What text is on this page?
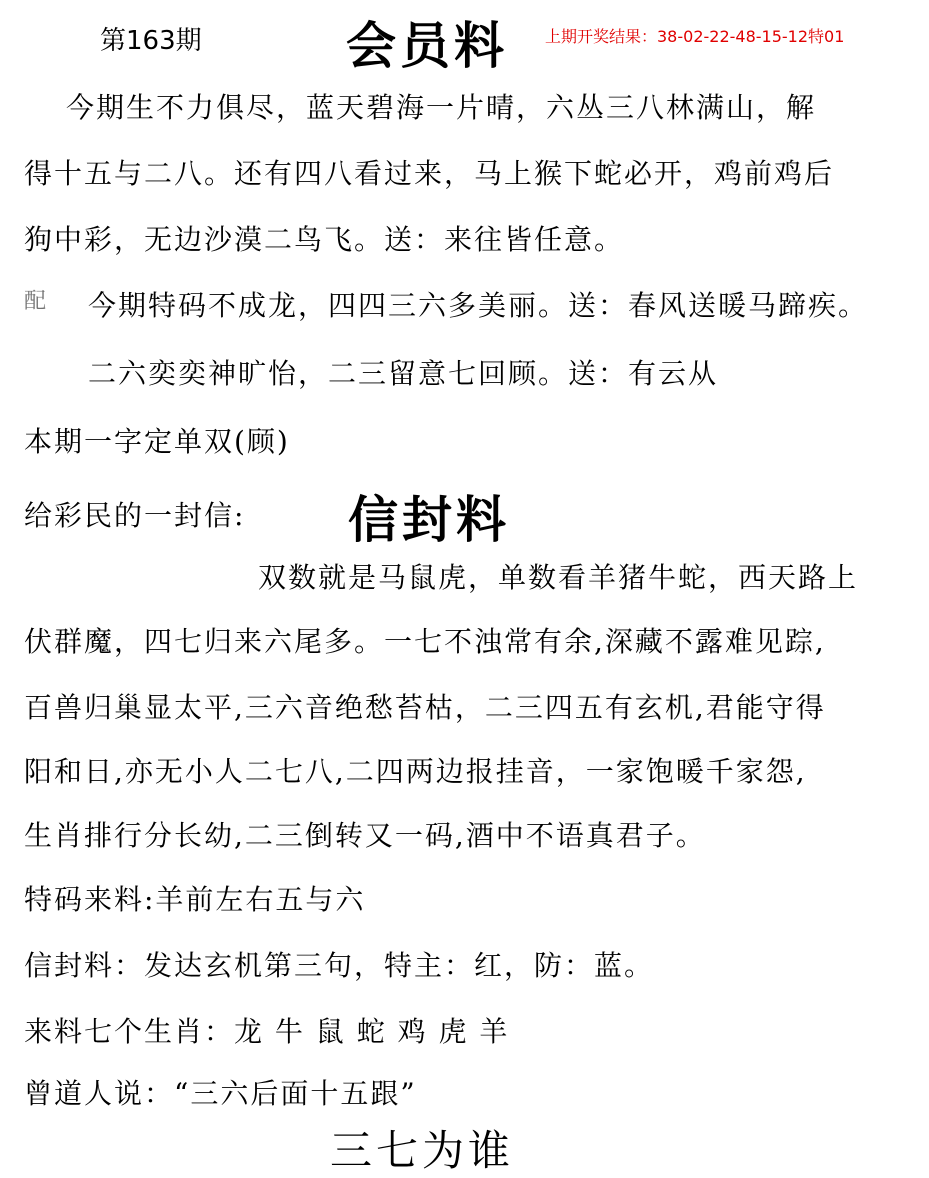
第163期	会员料 上期开奖结果：38-02-22-48-15-12特01
今期生不力俱尽，蓝天碧海一片晴，六丛三八林满山，解
得十五与二八。还有四八看过来，马上猴下蛇必开，鸡前鸡后
狗中彩，无边沙漠二鸟飞。送：来往皆任意。
配 今期特码不成龙，四四三六多美丽。送：春风送暖马蹄疾。
二六奕奕神旷怡，二三留意七回顾。送：有云从
本期一字定单双(顾)
给彩民的一封信: 信封料
双数就是马鼠虎，单数看羊猪牛蛇，西天路上
伏群魔，四七归来六尾多。一七不浊常有余,深藏不露难见踪,
百兽归巢显太平,三六音绝愁苔枯，二三四五有玄机,君能守得
阳和日,亦无小人二七八,二四两边报挂音，一家饱暖千家怨,
生肖排行分长幼,二三倒转又一码,酒中不语真君子。
特码来料:羊前左右五与六
信封料：发达玄机第三句，特主：红，防：蓝。
来料七个生肖：龙 牛 鼠 蛇 鸡 虎 羊
曾道人说：“三六后面十五跟”
三七为谁
